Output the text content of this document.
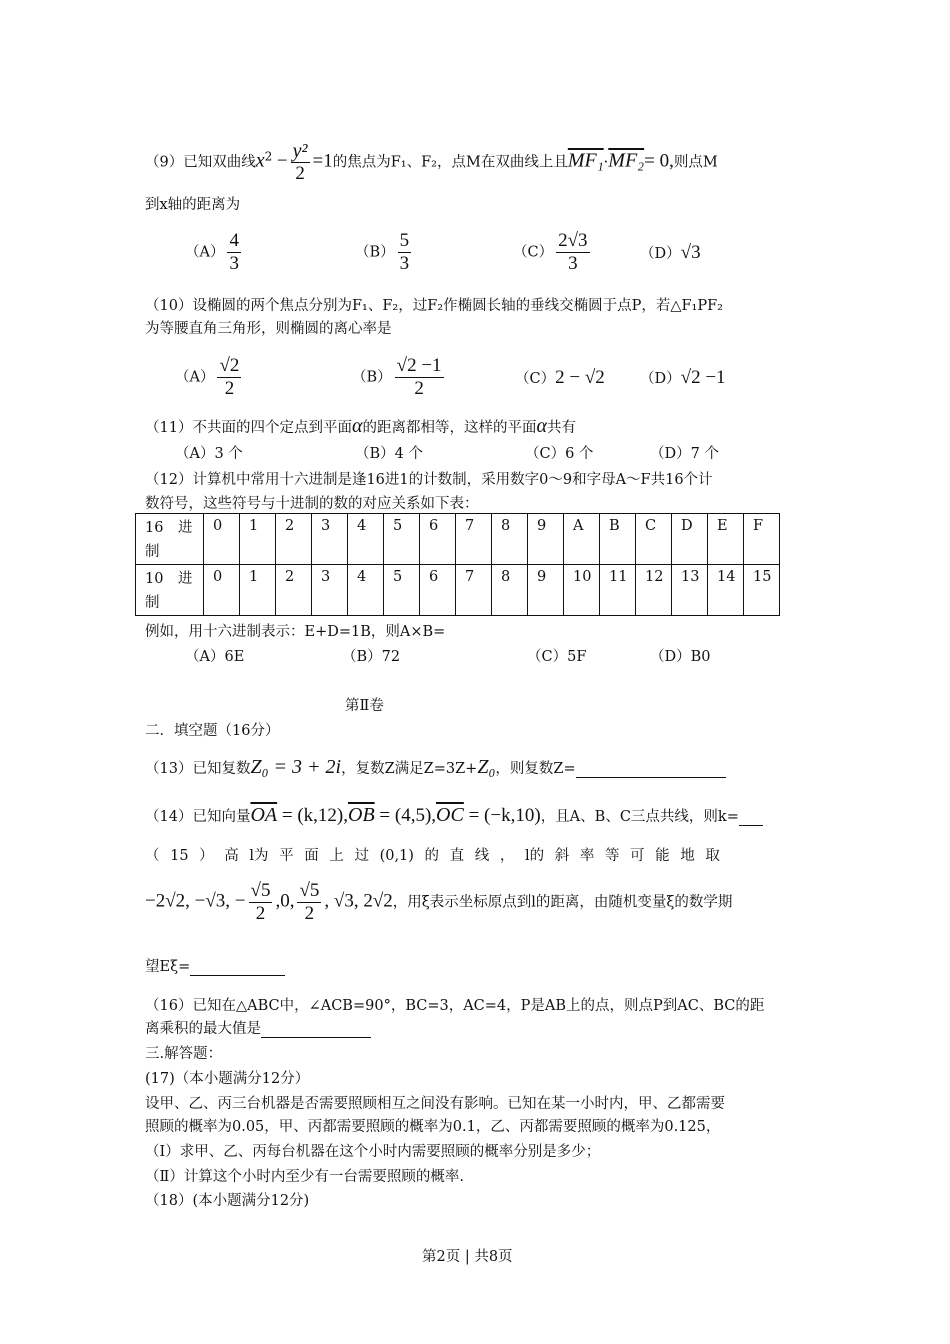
（9）已知双曲线$x^2 - \frac{\text{y²}}{2} =1$的焦点为F₁、F₂，点M在双曲线上且MF₁·MF₂= 0,则点M
到x轴的距离为
$(A) \frac{4}{3}$	$(B) \frac{5}{3}$	$(C) \frac{2√3}{3}$	（D）√3
（10）设椭圆的两个焦点分别为F₁、F₂，过F₂作椭圆长轴的垂线交椭圆于点P，若△F₁PF₂
为等腰直角三角形，则椭圆的离心率是
$(A) \frac{√2}{2}$	$(B) \frac{√2 -1}{2}$	（C）2 − √2 （D）√2 −1
（11）不共面的四个定点到平面α的距离都相等，这样的平面α共有
（A）3 个	（B）4 个	（C）6 个	（D）7 个
（12）计算机中常用十六进制是逢16进1的计数制，采用数字0～9和字母A～F共16个计
数符号，这些符号与十进制的数的对应关系如下表：
16　进制	0	1	2	3	4	5	6	7	8	9	A	B	C	D	E	F
10　进制	0	1	2	3	4	5	6	7	8	9	10	11	12	13	14	15
例如，用十六进制表示：E+D=1B，则A×B=
（A）6E	（B）72	（C）5F	（D）B0
第Ⅱ卷
二．填空题（16分）
（13）已知复数Z₀ = 3 + 2i，复数Z满足Z=3Z+Z₀，则复数Z=
（14）已知向量$\overline{OA} = (k,12),\overline{OB} = (4,5),\overline{OC} = (-k,10)$，且A、B、C三点共线，则k=
（ 15 ） 高 l为 平 面 上 过 (0,1) 的 直 线 ， l的 斜 率 等 可 能 地 取
−2√2, −√3, − $\frac{√5}{2} ,0$, $\frac{√5}{2}$ , √3, 2√2，用ξ表示坐标原点到l的距离，由随机变量ξ的数学期
望Eξ=
（16）已知在△ABC中，∠ACB=90°，BC=3，AC=4，P是AB上的点，则点P到AC、BC的距
离乘积的最大值是
三.解答题：
(17)（本小题满分12分）
设甲、乙、丙三台机器是否需要照顾相互之间没有影响。已知在某一小时内，甲、乙都需要
照顾的概率为0.05，甲、丙都需要照顾的概率为0.1，乙、丙都需要照顾的概率为0.125，
（Ⅰ）求甲、乙、丙每台机器在这个小时内需要照顾的概率分别是多少；
（Ⅱ）计算这个小时内至少有一台需要照顾的概率.
（18）(本小题满分12分)
第2页 | 共8页
